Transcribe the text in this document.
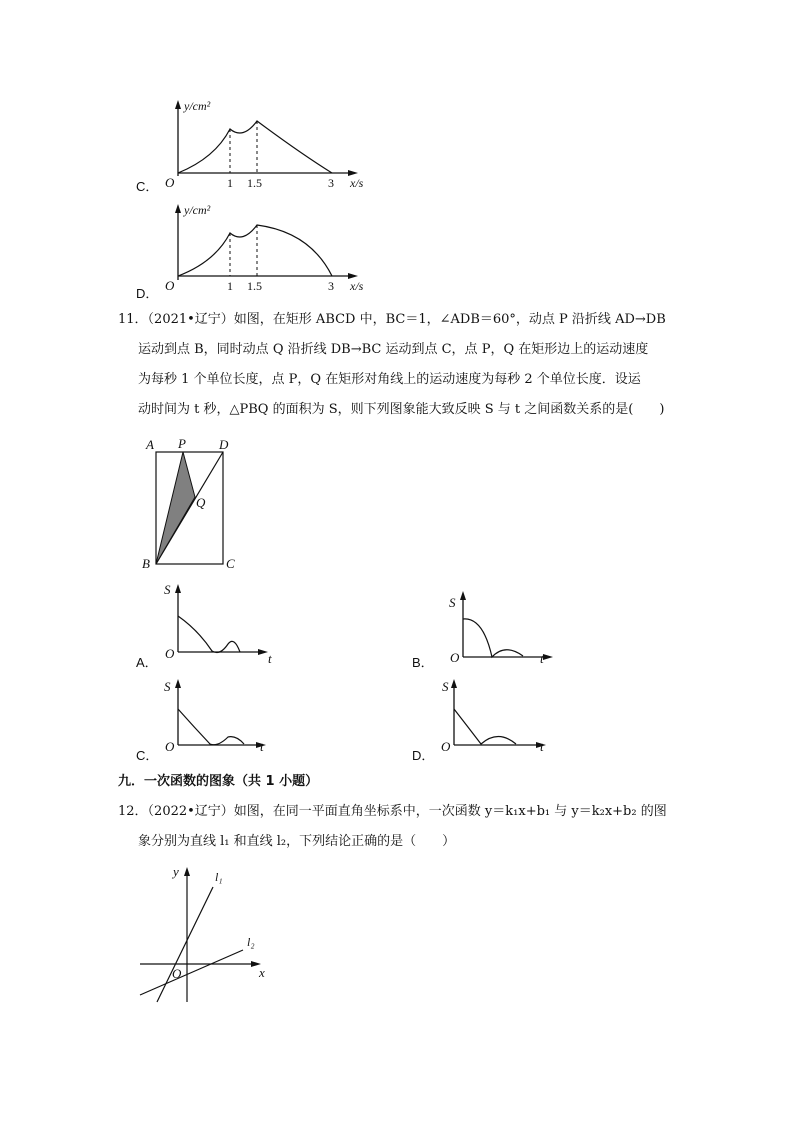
C．
y/cm²
O	1 1.5	3 x/s
D．
y/cm²
O	1 1.5	3 x/s
11．（2021•辽宁）如图，在矩形 ABCD 中，BC＝1，∠ADB＝60°，动点 P 沿折线 AD→DB
运动到点 B，同时动点 Q 沿折线 DB→BC 运动到点 C，点 P，Q 在矩形边上的运动速度
为每秒 1 个单位长度，点 P，Q 在矩形对角线上的运动速度为每秒 2 个单位长度．设运
动时间为 t 秒，△PBQ 的面积为 S，则下列图象能大致反映 S 与 t 之间函数关系的是(　　)
A P	D
Q
B	C
A．
S
O	t	B．
S
O	t
C．
S
O	t
D．
S
O	t
九．一次函数的图象（共 1 小题）
12．（2022•辽宁）如图，在同一平面直角坐标系中，一次函数 y＝k₁x+b₁ 与 y＝k₂x+b₂ 的图
象分别为直线 l₁ 和直线 l₂，下列结论正确的是（　　）
y
x
O
l₁
l₂
